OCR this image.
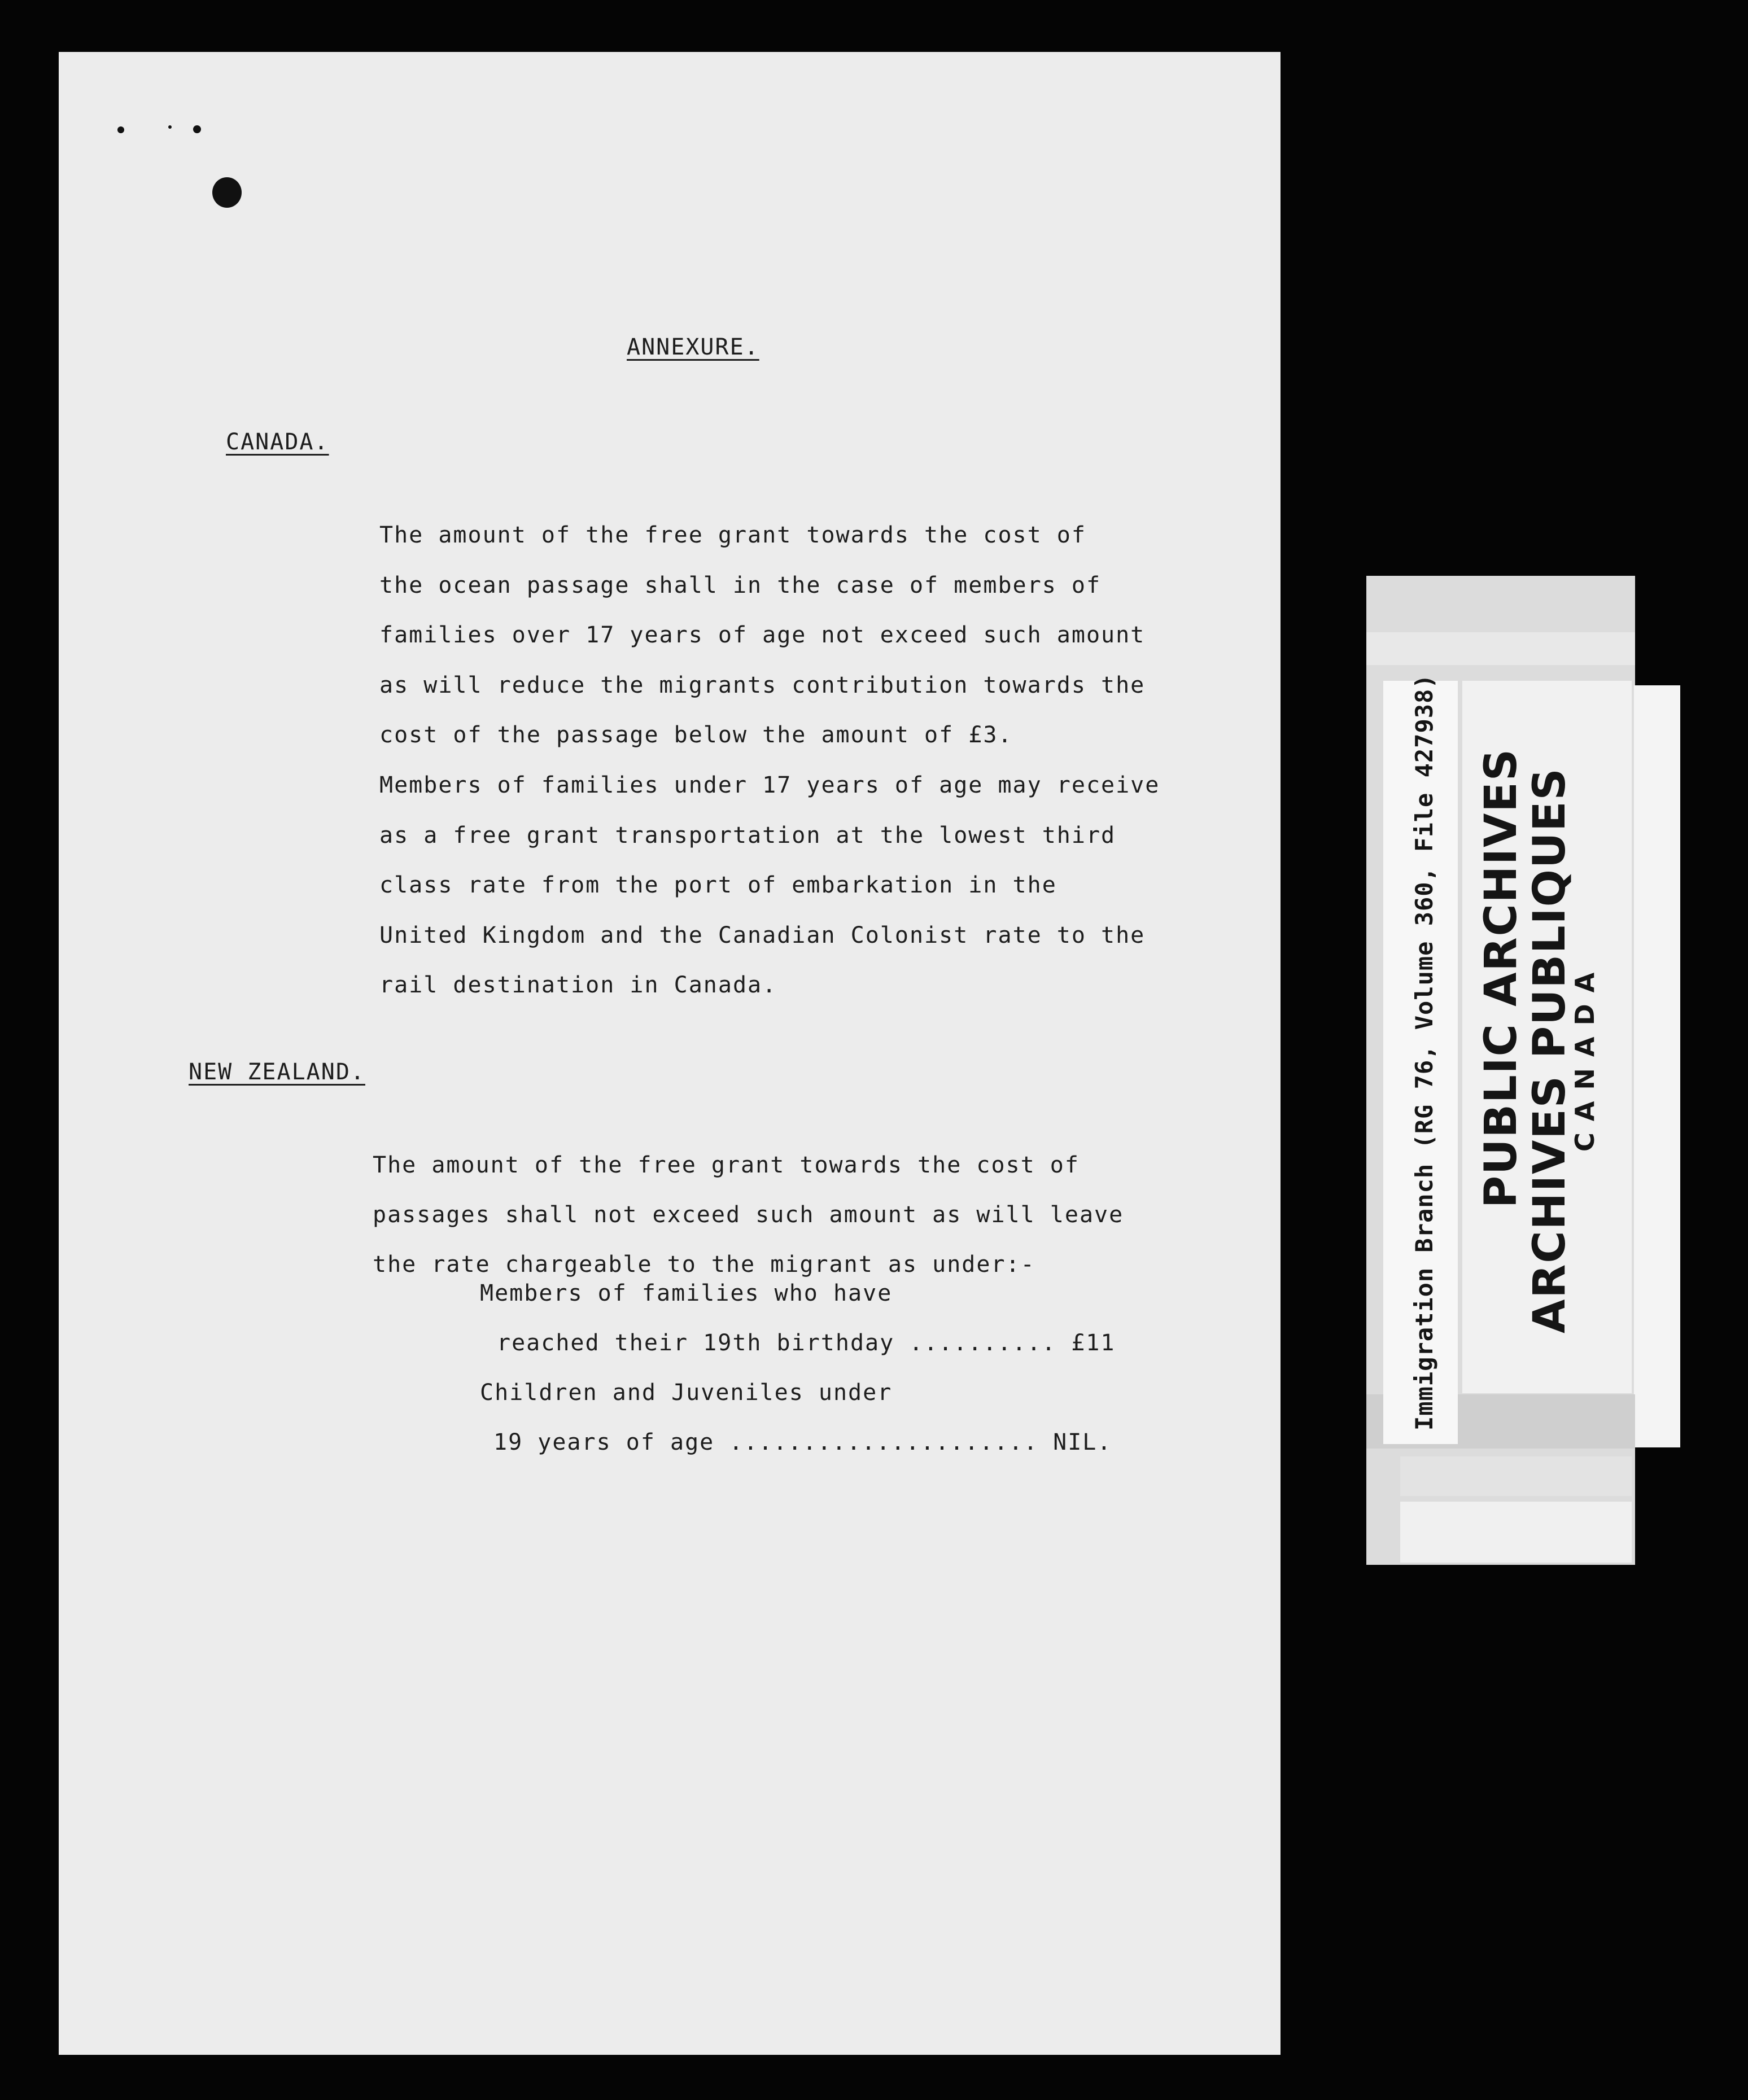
ANNEXURE.

CANADA.

The amount of the free grant towards the cost of
the ocean passage shall in the case of members of
families over 17 years of age not exceed such amount
as will reduce the migrants contribution towards the
cost of the passage below the amount of £3.
Members of families under 17 years of age may receive
as a free grant transportation at the lowest third
class rate from the port of embarkation in the
United Kingdom and the Canadian Colonist rate to the
rail destination in Canada.

NEW ZEALAND.

The amount of the free grant towards the cost of
passages shall not exceed such amount as will leave
the rate chargeable to the migrant as under:-

Members of families who have

reached their 19th birthday .......... £11

Children and Juveniles under

19 years of age ..................... NIL.

Immigration Branch (RG 76, Volume 360, File 427938) PUBLIC ARCHIVES
ARCHIVES PUBLIQUES
CANADA
